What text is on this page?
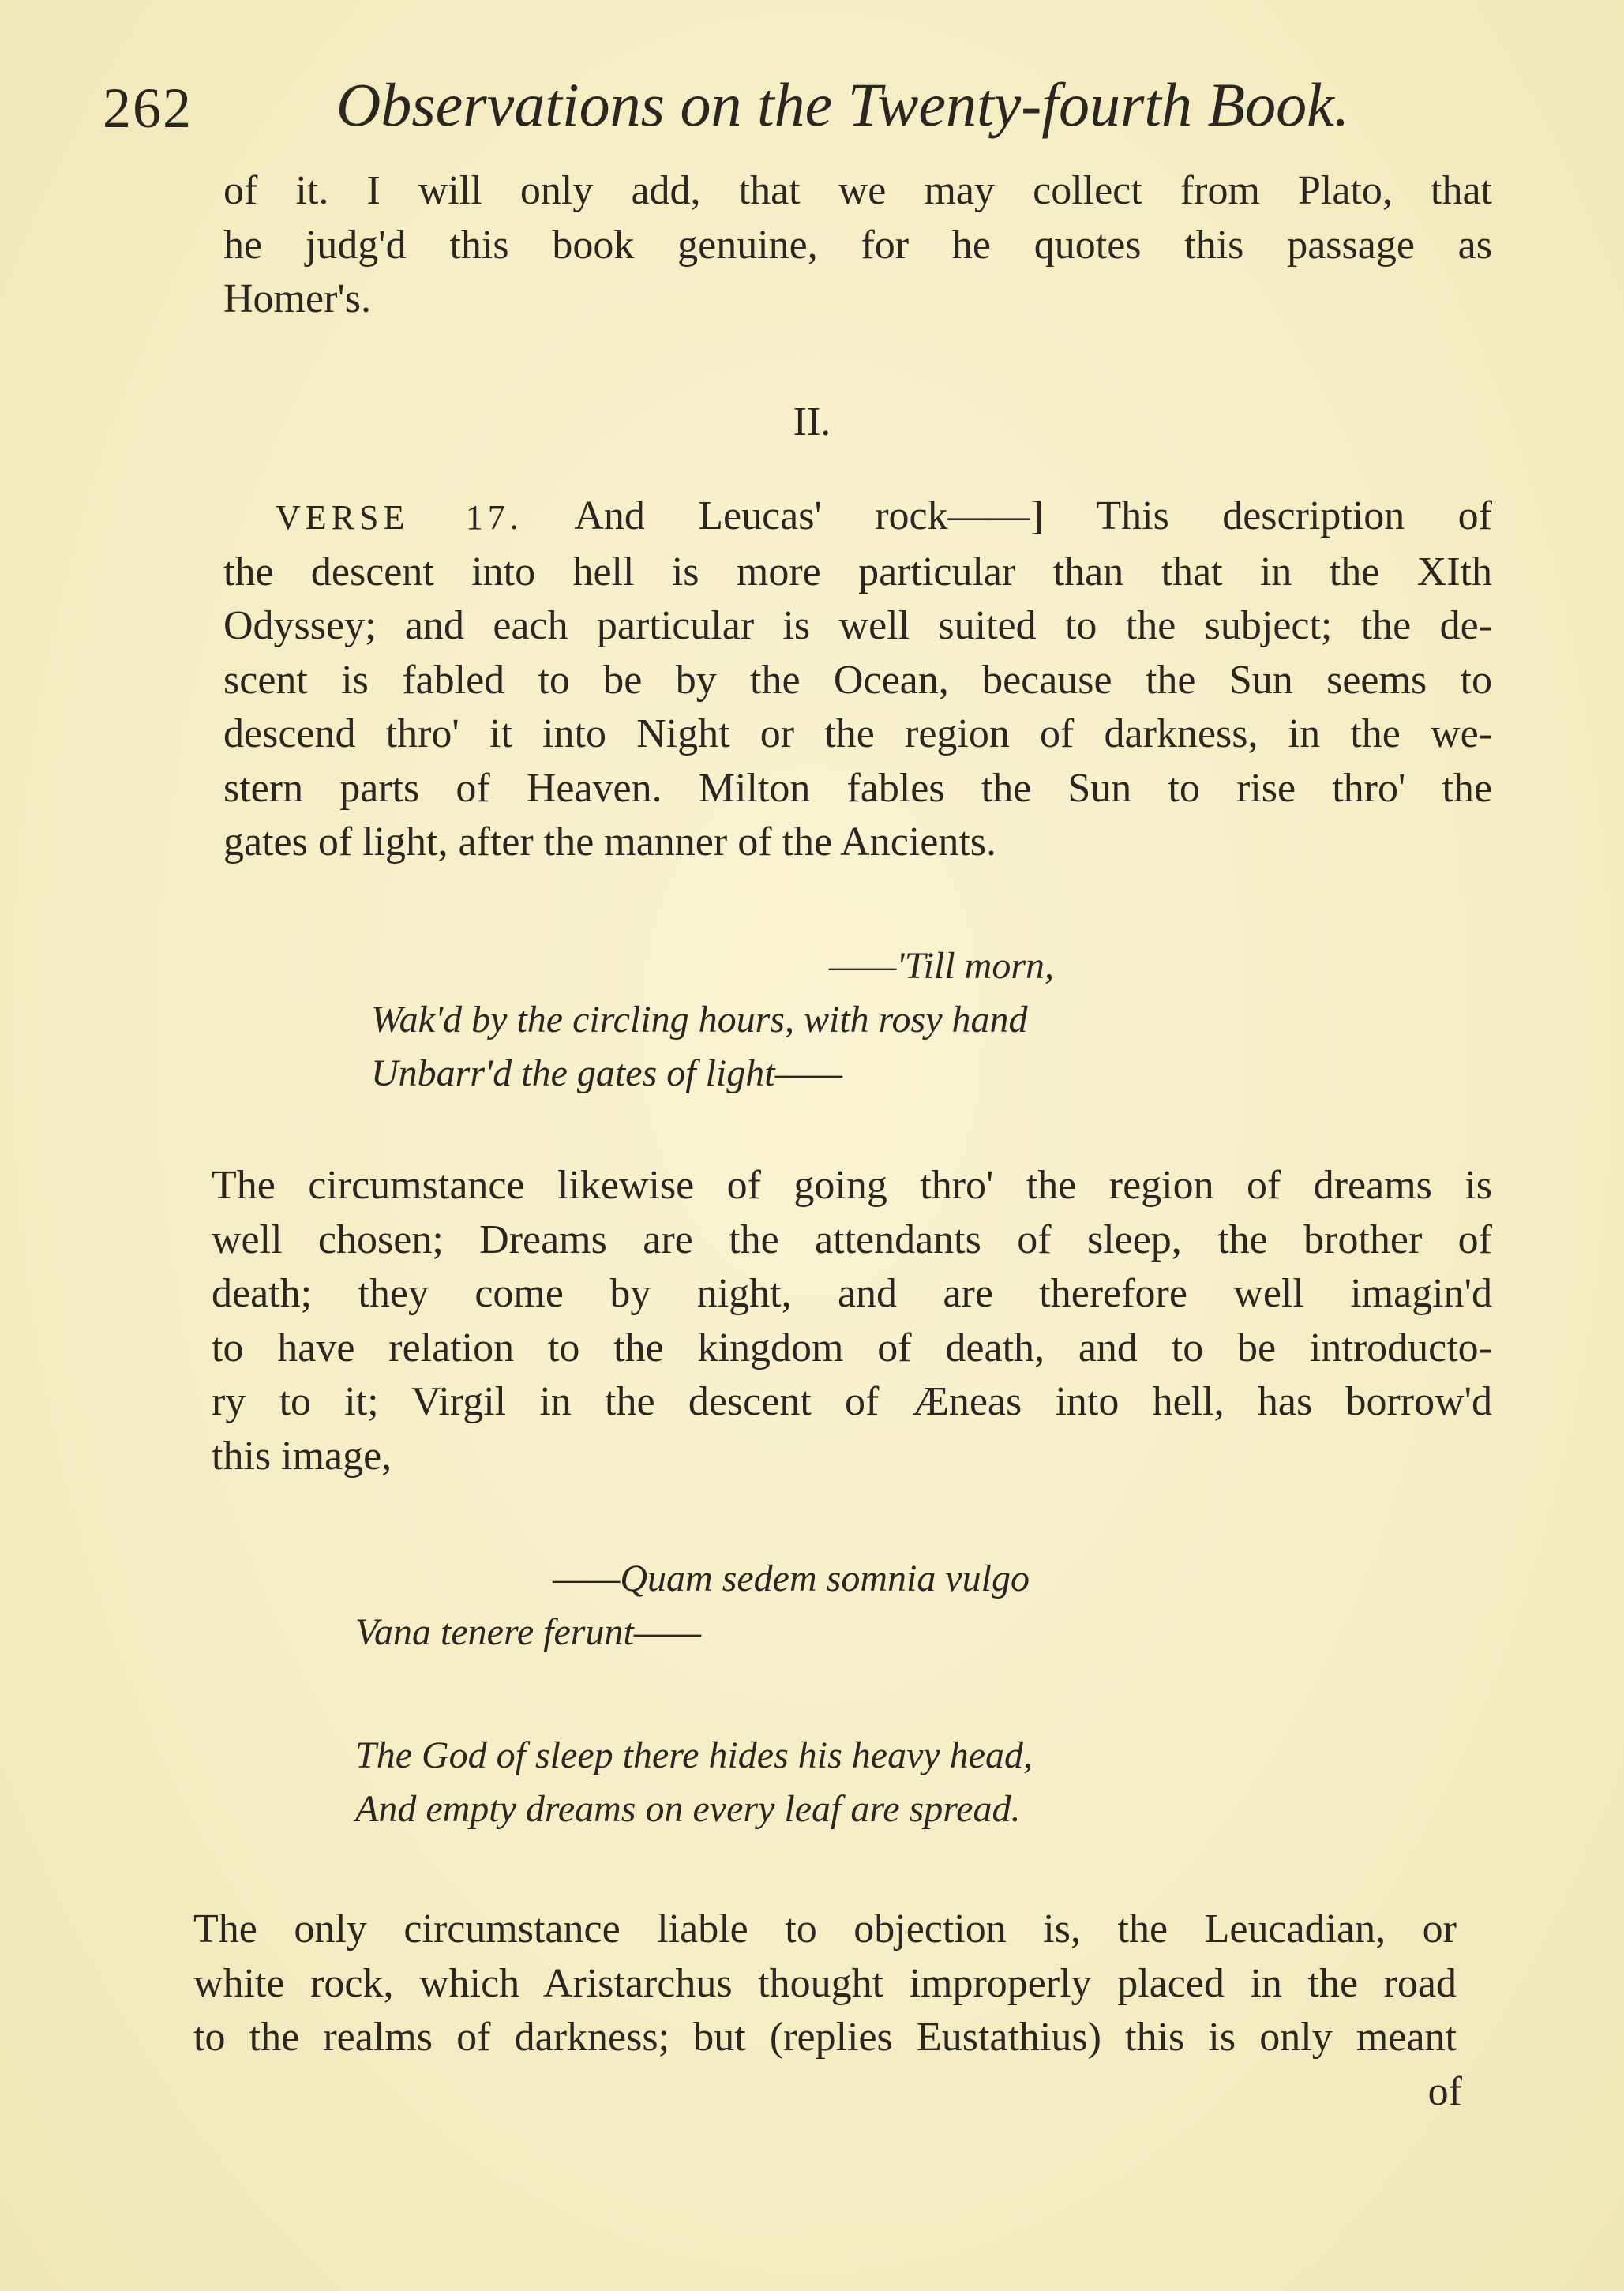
262 Observations on the Twenty-fourth Book.
of it. I will only add, that we may collect from Plato, that
he judg'd this book genuine, for he quotes this passage as
Homer's.
II.
VERSE 17. And Leucas' rock——] This description of
the descent into hell is more particular than that in the XIth
Odyssey; and each particular is well suited to the subject; the de-
scent is fabled to be by the Ocean, because the Sun seems to
descend thro' it into Night or the region of darkness, in the we-
stern parts of Heaven. Milton fables the Sun to rise thro' the
gates of light, after the manner of the Ancients.
——'Till morn,
Wak'd by the circling hours, with rosy hand
Unbarr'd the gates of light——
The circumstance likewise of going thro' the region of dreams is
well chosen; Dreams are the attendants of sleep, the brother of
death; they come by night, and are therefore well imagin'd
to have relation to the kingdom of death, and to be introducto-
ry to it; Virgil in the descent of Æneas into hell, has borrow'd
this image,
——Quam sedem somnia vulgo
Vana tenere ferunt——
The God of sleep there hides his heavy head,
And empty dreams on every leaf are spread.
The only circumstance liable to objection is, the Leucadian, or
white rock, which Aristarchus thought improperly placed in the road
to the realms of darkness; but (replies Eustathius) this is only meant
of
